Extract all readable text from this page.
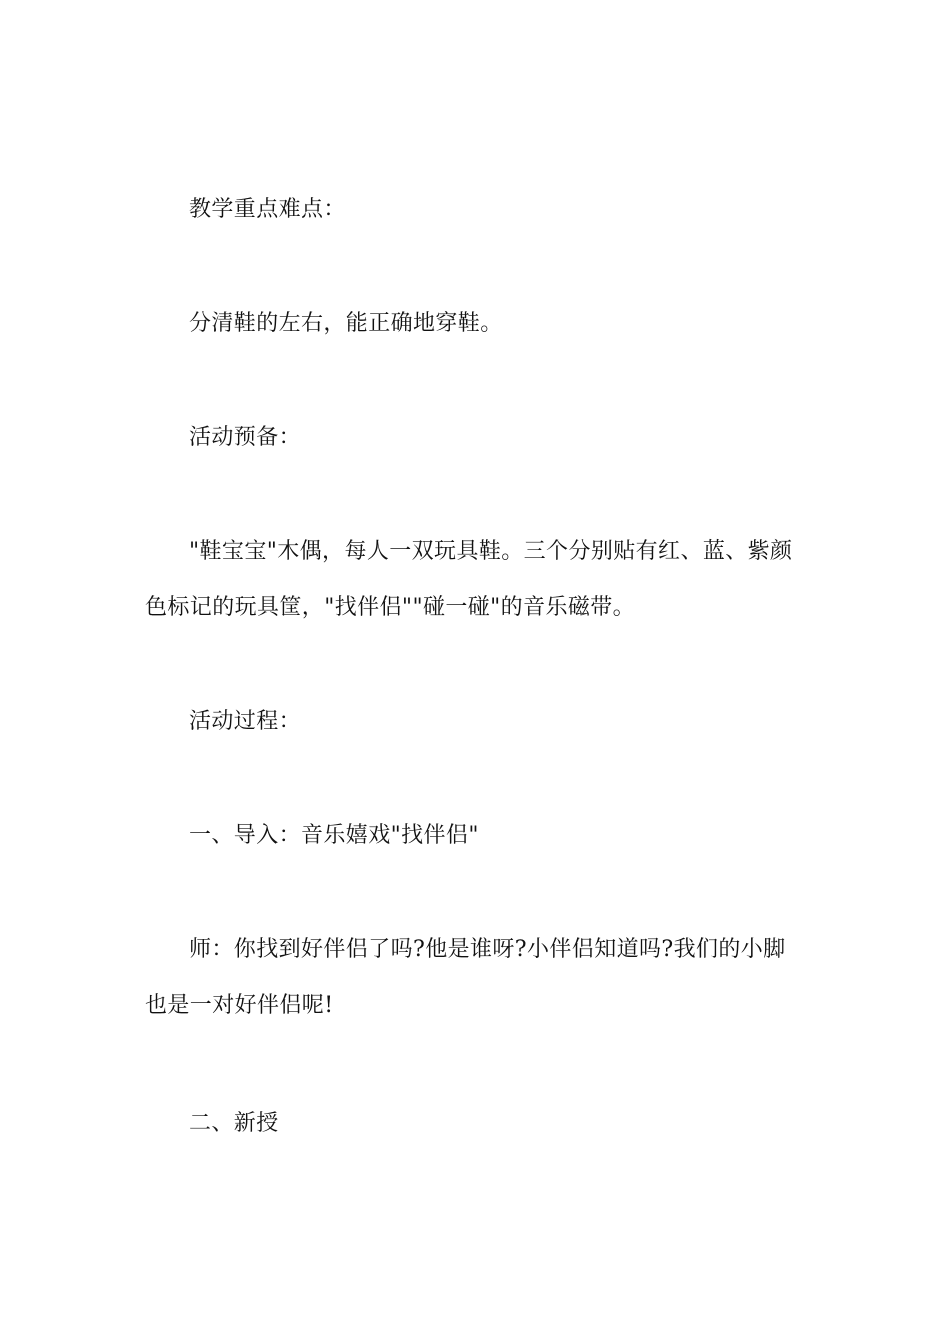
教学重点难点：

分清鞋的左右，能正确地穿鞋。

活动预备：

"鞋宝宝"木偶，每人一双玩具鞋。三个分别贴有红、蓝、紫颜色标记的玩具筐，"找伴侣""碰一碰"的音乐磁带。

活动过程：

一、导入：音乐嬉戏"找伴侣"

师：你找到好伴侣了吗?他是谁呀?小伴侣知道吗?我们的小脚也是一对好伴侣呢!

二、新授
